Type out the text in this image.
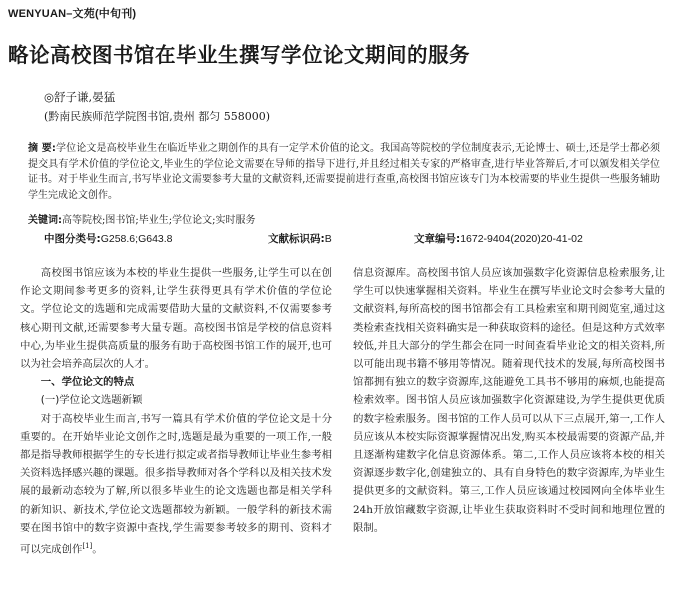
WENYUAN–文苑(中旬刊)
略论高校图书馆在毕业生撰写学位论文期间的服务
◎舒子谦,晏猛
(黔南民族师范学院图书馆,贵州 都匀 558000)
摘 要:学位论文是高校毕业生在临近毕业之期创作的具有一定学术价值的论文。我国高等院校的学位制度表示,无论博士、硕士,还是学士都必须提交具有学术价值的学位论文,毕业生的学位论文需要在导师的指导下进行,并且经过相关专家的严格审查,进行毕业答辩后,才可以颁发相关学位证书。对于毕业生而言,书写毕业论文需要参考大量的文献资料,还需要提前进行查重,高校图书馆应该专门为本校需要的毕业生提供一些服务辅助学生完成论文创作。
关键词:高等院校;图书馆;毕业生;学位论文;实时服务
中图分类号:G258.6;G643.8	文献标识码:B	文章编号:1672-9404(2020)20-41-02

高校图书馆应该为本校的毕业生提供一些服务,让学生可以在创作论文期间参考更多的资料,让学生获得更具有学术价值的学位论文。学位论文的选题和完成需要借助大量的文献资料,不仅需要参考核心期刊文献,还需要参考大量专题。高校图书馆是学校的信息资料中心,为毕业生提供高质量的服务有助于高校图书馆工作的展开,也可以为社会培养高层次的人才。

一、学位论文的特点
(一)学位论文选题新颖

对于高校毕业生而言,书写一篇具有学术价值的学位论文是十分重要的。在开始毕业论文创作之时,选题是最为重要的一项工作,一般都是指导教师根据学生的专长进行拟定或者指导教师让毕业生参考相关资料选择感兴趣的课题。很多指导教师对各个学科以及相关技术发展的最新动态较为了解,所以很多毕业生的论文选题也都是相关学科的新知识、新技术,学位论文选题都较为新颖。一般学科的新技术需要在图书馆中的数字资源中查找,学生需要参考较多的期刊、资料才可以完成创作[1]。

信息资源库。高校图书馆人员应该加强数字化资源信息检索服务,让学生可以快速掌握相关资料。毕业生在撰写毕业论文时会参考大量的文献资料,每所高校的图书馆都会有工具检索室和期刊阅览室,通过这类检索查找相关资料确实是一种获取资料的途径。但是这种方式效率较低,并且大部分的学生都会在同一时间查看毕业论文的相关资料,所以可能出现书籍不够用等情况。随着现代技术的发展,每所高校图书馆都拥有独立的数字资源库,这能避免工具书不够用的麻烦,也能提高检索效率。图书馆人员应该加强数字化资源建设,为学生提供更优质的数字检索服务。图书馆的工作人员可以从下三点展开,第一,工作人员应该从本校实际资源掌握情况出发,购买本校最需要的资源产品,并且逐渐构建数字化信息资源体系。第二,工作人员应该将本校的相关资源逐步数字化,创建独立的、具有自身特色的数字资源库,为毕业生提供更多的文献资料。第三,工作人员应该通过校园网向全体毕业生24h开放馆藏数字资源,让毕业生获取资料时不受时间和地理位置的限制。
